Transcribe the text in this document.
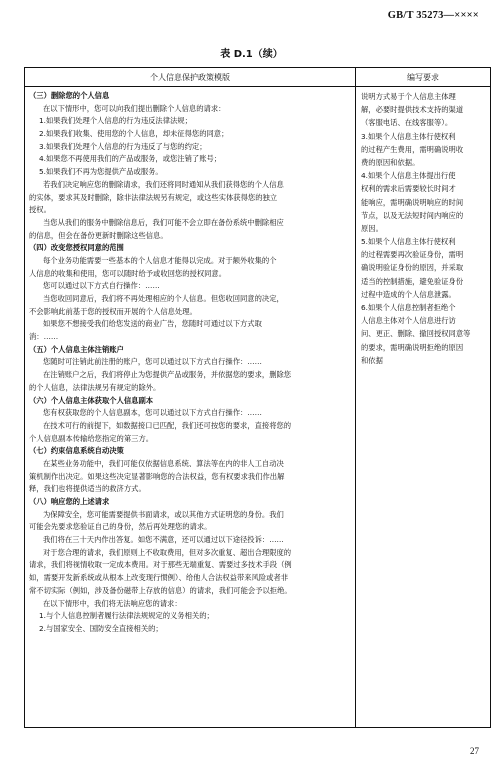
GB/T 35273—××××
表 D.1（续）
个人信息保护政策模版	编写要求
（三）删除您的个人信息
在以下情形中，您可以向我们提出删除个人信息的请求：
1.如果我们处理个人信息的行为违反法律法规；
2.如果我们收集、使用您的个人信息，却未征得您的同意；
3.如果我们处理个人信息的行为违反了与您的约定；
4.如果您不再使用我们的产品或服务，或您注销了账号；
5.如果我们不再为您提供产品或服务。
若我们决定响应您的删除请求，我们还将同时通知从我们获得您的个人信息
的实体，要求其及时删除，除非法律法规另有规定，或这些实体获得您的独立
授权。
当您从我们的服务中删除信息后，我们可能不会立即在备份系统中删除相应
的信息，但会在备份更新时删除这些信息。
（四）改变您授权同意的范围
每个业务功能需要一些基本的个人信息才能得以完成。对于额外收集的个
人信息的收集和使用，您可以随时给予或收回您的授权同意。
您可以通过以下方式自行操作：……
当您收回同意后，我们将不再处理相应的个人信息。但您收回同意的决定，
不会影响此前基于您的授权而开展的个人信息处理。
如果您不想接受我们给您发送的商业广告，您随时可通过以下方式取
消：……
（五）个人信息主体注销账户
您随时可注销此前注册的账户，您可以通过以下方式自行操作：……
在注销账户之后，我们将停止为您提供产品或服务，并依据您的要求，删除您
的个人信息，法律法规另有规定的除外。
（六）个人信息主体获取个人信息副本
您有权获取您的个人信息副本，您可以通过以下方式自行操作：……
在技术可行的前提下，如数据接口已匹配，我们还可按您的要求，直接将您的
个人信息副本传输给您指定的第三方。
（七）约束信息系统自动决策
在某些业务功能中，我们可能仅依据信息系统、算法等在内的非人工自动决
策机制作出决定。如果这些决定显著影响您的合法权益，您有权要求我们作出解
释，我们也将提供适当的救济方式。
（八）响应您的上述请求
为保障安全，您可能需要提供书面请求，或以其他方式证明您的身份。我们
可能会先要求您验证自己的身份，然后再处理您的请求。
我们将在三十天内作出答复。如您不满意，还可以通过以下途径投诉：……
对于您合理的请求，我们原则上不收取费用，但对多次重复、超出合理限度的
请求，我们将视情收取一定成本费用。对于那些无端重复、需要过多技术手段（例
如，需要开发新系统或从根本上改变现行惯例）、给他人合法权益带来风险或者非
常不切实际（例如，涉及备份磁带上存放的信息）的请求，我们可能会予以拒绝。
在以下情形中，我们将无法响应您的请求：
1.与个人信息控制者履行法律法规规定的义务相关的；
2.与国家安全、国防安全直接相关的；
说明方式易于个人信息主体理
解，必要时提供技术支持的渠道
（客服电话、在线客服等）。
3.如果个人信息主体行使权利
的过程产生费用，需明确说明收
费的原因和依据。
4.如果个人信息主体提出行使
权利的需求后需要较长时间才
能响应，需明确说明响应的时间
节点，以及无法短时间内响应的
原因。
5.如果个人信息主体行使权利
的过程需要再次验证身份，需明
确说明验证身份的原因，并采取
适当的控制措施，避免验证身份
过程中造成的个人信息泄露。
6.如果个人信息控制者拒绝个
人信息主体对个人信息进行访
问、更正、删除、撤回授权同意等
的要求，需明确说明拒绝的原因
和依据
27
